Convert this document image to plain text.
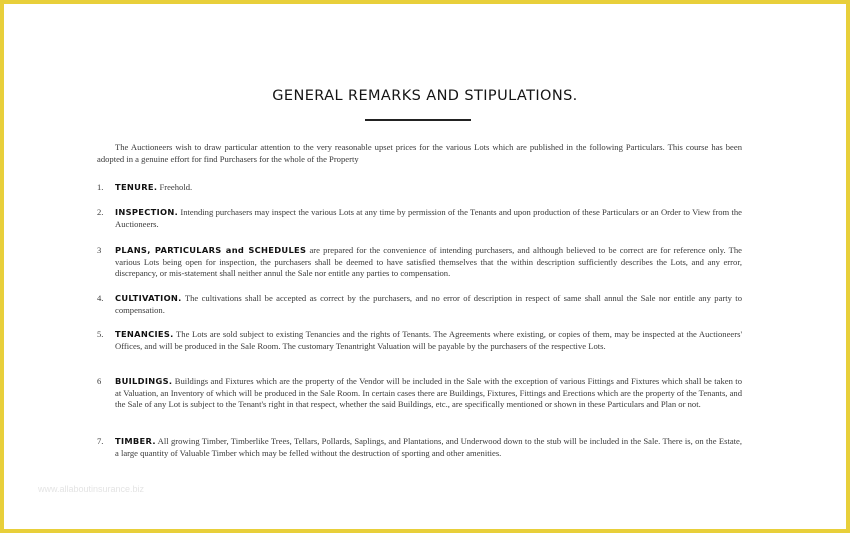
GENERAL REMARKS AND STIPULATIONS.
The Auctioneers wish to draw particular attention to the very reasonable upset prices for the various Lots which are published in the following Particulars. This course has been adopted in a genuine effort for find Purchasers for the whole of the Property
1.	TENURE. Freehold.
2.	INSPECTION. Intending purchasers may inspect the various Lots at any time by permission of the Tenants and upon production of these Particulars or an Order to View from the Auctioneers.
3	PLANS, PARTICULARS and SCHEDULES are prepared for the convenience of intending purchasers, and although believed to be correct are for reference only. The various Lots being open for inspection, the purchasers shall be deemed to have satisfied themselves that the within description sufficiently describes the Lots, and any error, discrepancy, or mis-statement shall neither annul the Sale nor entitle any parties to compensation.
4.	CULTIVATION. The cultivations shall be accepted as correct by the purchasers, and no error of description in respect of same shall annul the Sale nor entitle any party to compensation.
5.	TENANCIES. The Lots are sold subject to existing Tenancies and the rights of Tenants. The Agreements where existing, or copies of them, may be inspected at the Auctioneers' Offices, and will be produced in the Sale Room. The customary Tenantright Valuation will be payable by the purchasers of the respective Lots.
6	BUILDINGS. Buildings and Fixtures which are the property of the Vendor will be included in the Sale with the exception of various Fittings and Fixtures which shall be taken to at Valuation, an Inventory of which will be produced in the Sale Room. In certain cases there are Buildings, Fixtures, Fittings and Erections which are the property of the Tenants, and the Sale of any Lot is subject to the Tenant's right in that respect, whether the said Buildings, etc., are specifically mentioned or shown in these Particulars and Plan or not.
7.	TIMBER. All growing Timber, Timberlike Trees, Tellars, Pollards, Saplings, and Plantations, and Underwood down to the stub will be included in the Sale. There is, on the Estate, a large quantity of Valuable Timber which may be felled without the destruction of sporting and other amenities.
www.allaboutinsurance.biz
